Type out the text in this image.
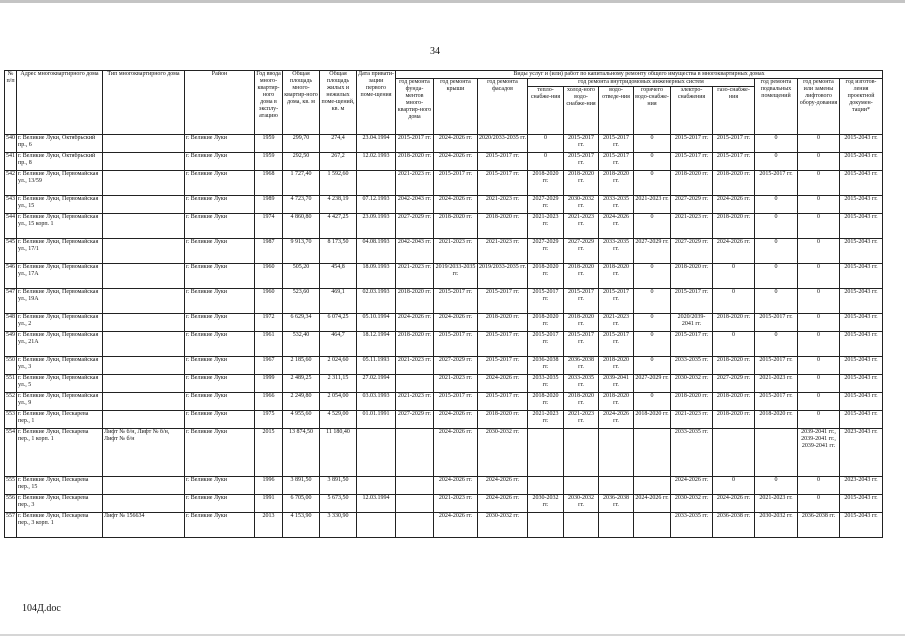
34
№ п/п	Адрес многоквартирного дома	Тип многоквартирного дома	Район	Год ввода много-квартир-ного дома в эксплу-атацию	Общая площадь много-квартир-ного дома, кв. м	Общая площадь жилых и нежилых поме-щений, кв. м	Дата привати-зации первого поме-щения	Виды услуг и (или) работ по капитальному ремонту общего имущества в многоквартирных домах											
								год ремонта фунда-ментов много-квартир-ного дома	год ремонта крыши	год ремонта фасадов	год ремонта внутридомовых инженерных систем						год ремонта подвальных помещений	год ремонта или замены лифтового обору-дования	год изготов-ления проектной докумен-тации*
											тепло-снабже-ния	холод-ного водо-снабже-ния	водо-отведе-ния	горячего водо-снабже-ния	электро-снабжения	газо-снабже-ния			
540	г. Великие Луки, Октябрьский пр., 6		г. Великие Луки	1959	299,70	274,4	23.04.1994	2015-2017 гг.	2024-2026 гг.	2020/2033-2035 гг.	0	2015-2017 гг.	2015-2017 гг.	0	2015-2017 гг.	2015-2017 гг.	0	0	2015-2043 гг.
541	г. Великие Луки, Октябрьский пр., 8		г. Великие Луки	1959	292,50	267,2	12.02.1993	2018-2020 гг.	2024-2026 гг.	2015-2017 гг.	0	2015-2017 гг.	2015-2017 гг.	0	2015-2017 гг.	2015-2017 гг.	0	0	2015-2043 гг.
542	г. Великие Луки, Первомайская ул., 13/59		г. Великие Луки	1968	1 727,40	1 592,60		2021-2023 гг.	2015-2017 гг.	2015-2017 гг.	2018-2020 гг.	2018-2020 гг.	2018-2020 гг.	0	2018-2020 гг.	2018-2020 гг.	2015-2017 гг.	0	2015-2043 гг.
543	г. Великие Луки, Первомайская ул., 15		г. Великие Луки	1989	4 723,70	4 238,19	07.12.1993	2042-2043 гг.	2024-2026 гг.	2021-2023 гг.	2027-2029 гг.	2030-2032 гг.	2033-2035 гг.	2021-2023 гг.	2027-2029 гг.	2024-2026 гг.	0	0	2015-2043 гг.
544	г. Великие Луки, Первомайская ул., 15 корп. 1		г. Великие Луки	1974	4 860,80	4 427,25	23.09.1993	2027-2029 гг.	2018-2020 гг.	2018-2020 гг.	2021-2023 гг.	2021-2023 гг.	2024-2026 гг.	0	2021-2023 гг.	2018-2020 гг.	0	0	2015-2043 гг.
545	г. Великие Луки, Первомайская ул., 17/1		г. Великие Луки	1987	9 913,70	8 173,50	04.08.1993	2042-2043 гг.	2021-2023 гг.	2021-2023 гг.	2027-2029 гг.	2027-2029 гг.	2033-2035 гг.	2027-2029 гг.	2027-2029 гг.	2024-2026 гг.	0	0	2015-2043 гг.
546	г. Великие Луки, Первомайская ул., 17А		г. Великие Луки	1960	505,20	454,8	18.09.1993	2021-2023 гг.	2019/2033-2035 гг.	2019/2033-2035 гг.	2018-2020 гг.	2018-2020 гг.	2018-2020 гг.	0	2018-2020 гг.	0	0	0	2015-2043 гг.
547	г. Великие Луки, Первомайская ул., 19А		г. Великие Луки	1960	523,60	469,1	02.03.1993	2018-2020 гг.	2015-2017 гг.	2015-2017 гг.	2015-2017 гг.	2015-2017 гг.	2015-2017 гг.	0	2015-2017 гг.	0	0	0	2015-2043 гг.
548	г. Великие Луки, Первомайская ул., 2		г. Великие Луки	1972	6 629,34	6 074,25	05.10.1994	2024-2026 гг.	2024-2026 гг.	2018-2020 гг.	2018-2020 гг.	2018-2020 гг.	2021-2023 гг.	0	2020/2039-2041 гг.	2018-2020 гг.	2015-2017 гг.	0	2015-2043 гг.
549	г. Великие Луки, Первомайская ул., 21А		г. Великие Луки	1961	532,40	464,7	18.12.1994	2018-2020 гг.	2015-2017 гг.	2015-2017 гг.	2015-2017 гг.	2015-2017 гг.	2015-2017 гг.	0	2015-2017 гг.	0	0	0	2015-2043 гг.
550	г. Великие Луки, Первомайская ул., 3		г. Великие Луки	1967	2 185,60	2 024,60	05.11.1993	2021-2023 гг.	2027-2029 гг.	2015-2017 гг.	2036-2038 гг.	2036-2038 гг.	2018-2020 гг.	0	2033-2035 гг.	2018-2020 гг.	2015-2017 гг.	0	2015-2043 гг.
551	г. Великие Луки, Первомайская ул., 5		г. Великие Луки	1999	2 489,25	2 311,15	27.02.1994		2021-2023 гг.	2024-2026 гг.	2033-2035 гг.	2033-2035 гг.	2039-2041 гг.	2027-2029 гг.	2030-2032 гг.	2027-2029 гг.	2021-2023 гг.	0	2015-2043 гг.
552	г. Великие Луки, Первомайская ул., 9		г. Великие Луки	1966	2 249,80	2 054,00	03.03.1993	2021-2023 гг.	2015-2017 гг.	2015-2017 гг.	2018-2020 гг.	2018-2020 гг.	2018-2020 гг.	0	2018-2020 гг.	2018-2020 гг.	2015-2017 гг.	0	2015-2043 гг.
553	г. Великие Луки, Пескарева пер., 1		г. Великие Луки	1975	4 955,60	4 529,00	01.01.1991	2027-2029 гг.	2024-2026 гг.	2018-2020 гг.	2021-2023 гг.	2021-2023 гг.	2024-2026 гг.	2018-2020 гг.	2021-2023 гг.	2018-2020 гг.	2018-2020 гг.	0	2015-2043 гг.
554	г. Великие Луки, Пескарева пер., 1 корп. 1	Лифт № б/н, Лифт № б/н, Лифт № б/н	г. Великие Луки	2015	13 874,50	11 180,40			2024-2026 гг.	2030-2032 гг.					2033-2035 гг.			2039-2041 гг., 2039-2041 гг., 2039-2041 гг.	2023-2043 гг.
555	г. Великие Луки, Пескарева пер., 15		г. Великие Луки	1996	3 891,50	3 891,50			2024-2026 гг.	2024-2026 гг.					2024-2026 гг.	0	0	0	2023-2043 гг.
556	г. Великие Луки, Пескарева пер., 3		г. Великие Луки	1991	6 705,00	5 673,50	12.03.1994		2021-2023 гг.	2024-2026 гг.	2030-2032 гг.	2030-2032 гг.	2036-2038 гг.	2024-2026 гг.	2030-2032 гг.	2024-2026 гг.	2021-2023 гг.	0	2015-2043 гг.
557	г. Великие Луки, Пескарева пер., 3 корп. 1	Лифт № 156634	г. Великие Луки	2013	4 153,90	3 330,90			2024-2026 гг.	2030-2032 гг.					2033-2035 гг.	2036-2038 гг.	2030-2032 гг.	2036-2038 гг.	2015-2043 гг.
104Д.doc
